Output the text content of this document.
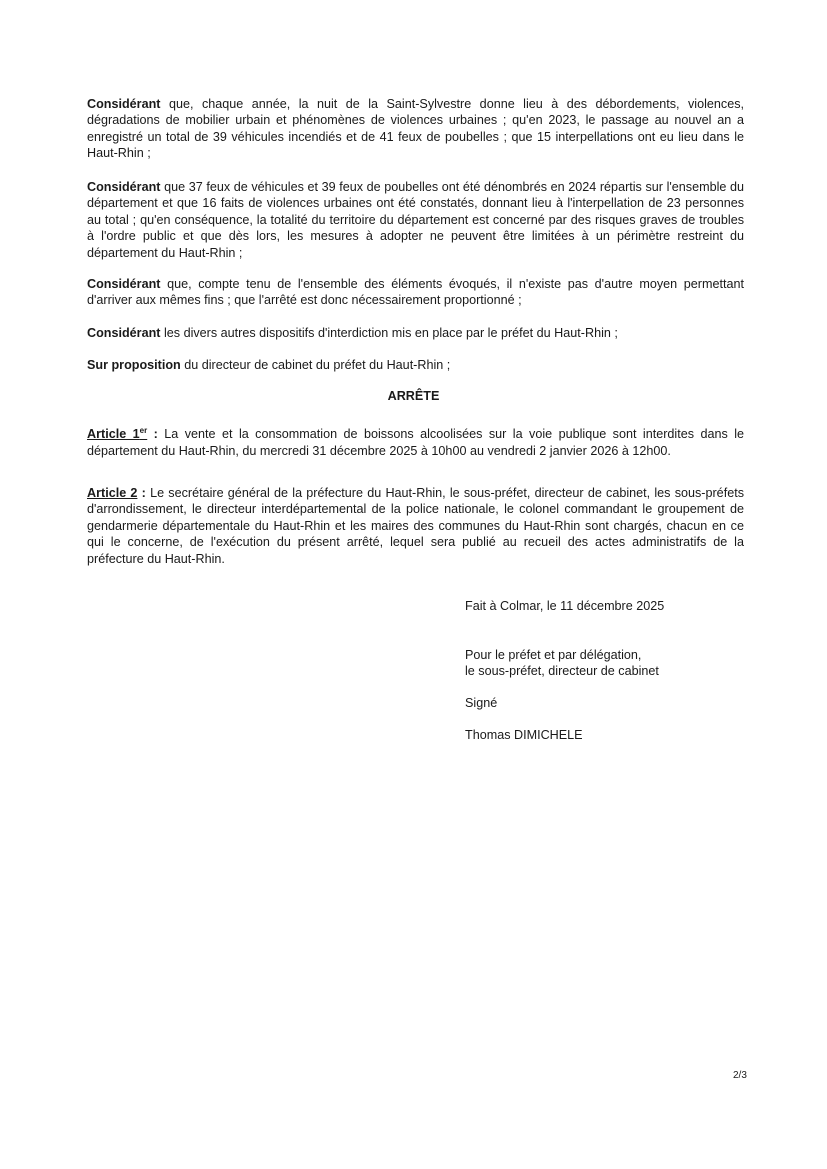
Considérant que, chaque année, la nuit de la Saint-Sylvestre donne lieu à des débordements, violences, dégradations de mobilier urbain et phénomènes de violences urbaines ; qu'en 2023, le passage au nouvel an a enregistré un total de 39 véhicules incendiés et de 41 feux de poubelles ; que 15 interpellations ont eu lieu dans le Haut-Rhin ;

Considérant que 37 feux de véhicules et 39 feux de poubelles ont été dénombrés en 2024 répartis sur l'ensemble du département et que 16 faits de violences urbaines ont été constatés, donnant lieu à l'interpellation de 23 personnes au total ; qu'en conséquence, la totalité du territoire du département est concerné par des risques graves de troubles à l'ordre public et que dès lors, les mesures à adopter ne peuvent être limitées à un périmètre restreint du département du Haut-Rhin ;

Considérant que, compte tenu de l'ensemble des éléments évoqués, il n'existe pas d'autre moyen permettant d'arriver aux mêmes fins ; que l'arrêté est donc nécessairement proportionné ;

Considérant les divers autres dispositifs d'interdiction mis en place par le préfet du Haut-Rhin ;

Sur proposition du directeur de cabinet du préfet du Haut-Rhin ;

ARRÊTE

Article 1er : La vente et la consommation de boissons alcoolisées sur la voie publique sont interdites dans le département du Haut-Rhin, du mercredi 31 décembre 2025 à 10h00 au vendredi 2 janvier 2026 à 12h00.

Article 2 : Le secrétaire général de la préfecture du Haut-Rhin, le sous-préfet, directeur de cabinet, les sous-préfets d'arrondissement, le directeur interdépartemental de la police nationale, le colonel commandant le groupement de gendarmerie départementale du Haut-Rhin et les maires des communes du Haut-Rhin sont chargés, chacun en ce qui le concerne, de l'exécution du présent arrêté, lequel sera publié au recueil des actes administratifs de la préfecture du Haut-Rhin.

Fait à Colmar, le 11 décembre 2025

Pour le préfet et par délégation,

le sous-préfet, directeur de cabinet

Signé

Thomas DIMICHELE

2/3
